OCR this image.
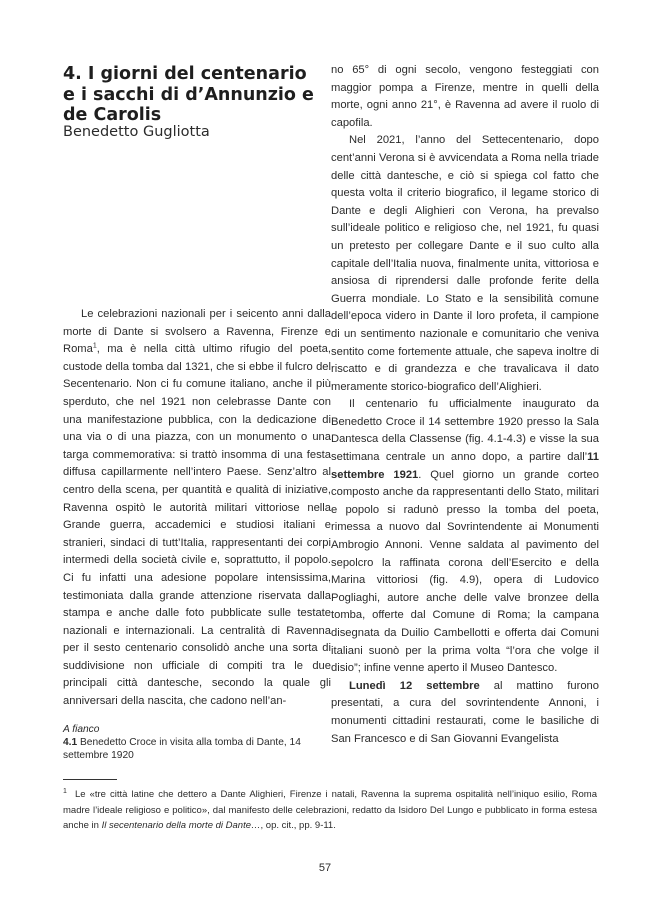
4. I giorni del centenario e i sacchi di d’Annunzio e de Carolis
Benedetto Gugliotta

Le celebrazioni nazionali per i seicento anni dalla morte di Dante si svolsero a Ravenna, Firenze e Roma$^1$, ma è nella città ultimo rifugio del poeta, custode della tomba dal 1321, che si ebbe il fulcro del Secentenario. Non ci fu comune italiano, anche il più sperduto, che nel 1921 non celebrasse Dante con una manifestazione pubblica, con la dedicazione di una via o di una piazza, con un monumento o una targa commemorativa: si trattò insomma di una festa diffusa capillarmente nell’intero Paese. Senz’altro al centro della scena, per quantità e qualità di iniziative, Ravenna ospitò le autorità militari vittoriose nella Grande guerra, accademici e studiosi italiani e stranieri, sindaci di tutt’Italia, rappresentanti dei corpi intermedi della società civile e, soprattutto, il popolo. Ci fu infatti una adesione popolare intensissima, testimoniata dalla grande attenzione riservata dalla stampa e anche dalle foto pubblicate sulle testate nazionali e internazionali. La centralità di Ravenna per il sesto centenario consolidò anche una sorta di suddivisione non ufficiale di compiti tra le due principali città dantesche, secondo la quale gli anniversari della nascita, che cadono nell’an-

A fianco
4.1 Benedetto Croce in visita alla tomba di Dante, 14 settembre 1920

no 65° di ogni secolo, vengono festeggiati con maggior pompa a Firenze, mentre in quelli della morte, ogni anno 21°, è Ravenna ad avere il ruolo di capofila.

Nel 2021, l’anno del Settecentenario, dopo cent’anni Verona si è avvicendata a Roma nella triade delle città dantesche, e ciò si spiega col fatto che questa volta il criterio biografico, il legame storico di Dante e degli Alighieri con Verona, ha prevalso sull’ideale politico e religioso che, nel 1921, fu quasi un pretesto per collegare Dante e il suo culto alla capitale dell’Italia nuova, finalmente unita, vittoriosa e ansiosa di riprendersi dalle profonde ferite della Guerra mondiale. Lo Stato e la sensibilità comune dell’epoca videro in Dante il loro profeta, il campione di un sentimento nazionale e comunitario che veniva sentito come fortemente attuale, che sapeva inoltre di riscatto e di grandezza e che travalicava il dato meramente storico-biografico dell’Alighieri.

Il centenario fu ufficialmente inaugurato da Benedetto Croce il 14 settembre 1920 presso la Sala Dantesca della Classense (fig. 4.1-4.3) e visse la sua settimana centrale un anno dopo, a partire dall’11 settembre 1921. Quel giorno un grande corteo composto anche da rappresentanti dello Stato, militari e popolo si radunò presso la tomba del poeta, rimessa a nuovo dal Sovrintendente ai Monumenti Ambrogio Annoni. Venne saldata al pavimento del sepolcro la raffinata corona dell’Esercito e della Marina vittoriosi (fig. 4.9), opera di Ludovico Pogliaghi, autore anche delle valve bronzee della tomba, offerte dal Comune di Roma; la campana disegnata da Duilio Cambellotti e offerta dai Comuni italiani suonò per la prima volta “l’ora che volge il disio”; infine venne aperto il Museo Dantesco.

Lunedì 12 settembre al mattino furono presentati, a cura del sovrintendente Annoni, i monumenti cittadini restaurati, come le basiliche di San Francesco e di San Giovanni Evangelista

$^1$ Le «tre città latine che dettero a Dante Alighieri, Firenze i natali, Ravenna la suprema ospitalità nell’iniquo esilio, Roma madre l’ideale religioso e politico», dal manifesto delle celebrazioni, redatto da Isidoro Del Lungo e pubblicato in forma estesa anche in Il secentenario della morte di Dante…, op. cit., pp. 9-11.
57
